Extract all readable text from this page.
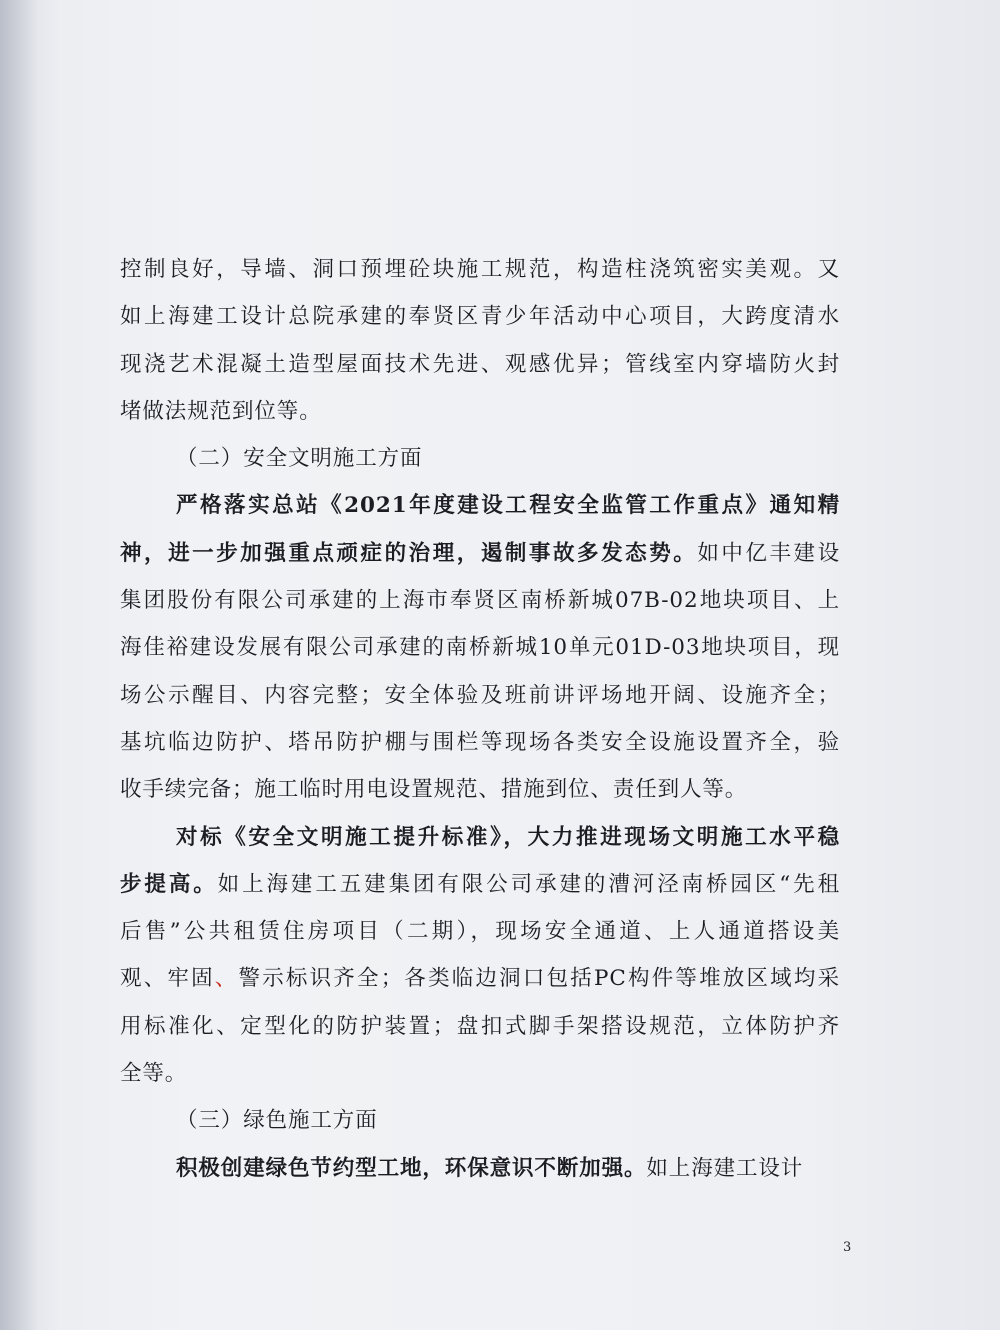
控制良好，导墙、洞口预埋砼块施工规范，构造柱浇筑密实美观。又
如上海建工设计总院承建的奉贤区青少年活动中心项目，大跨度清水
现浇艺术混凝土造型屋面技术先进、观感优异；管线室内穿墙防火封
堵做法规范到位等。
（二）安全文明施工方面
严格落实总站《2021年度建设工程安全监管工作重点》通知精
神，进一步加强重点顽症的治理，遏制事故多发态势。如中亿丰建设
集团股份有限公司承建的上海市奉贤区南桥新城07B-02地块项目、上
海佳裕建设发展有限公司承建的南桥新城10单元01D-03地块项目，现
场公示醒目、内容完整；安全体验及班前讲评场地开阔、设施齐全；
基坑临边防护、塔吊防护棚与围栏等现场各类安全设施设置齐全，验
收手续完备；施工临时用电设置规范、措施到位、责任到人等。
对标《安全文明施工提升标准》，大力推进现场文明施工水平稳
步提高。如上海建工五建集团有限公司承建的漕河泾南桥园区“先租
后售”公共租赁住房项目（二期），现场安全通道、上人通道搭设美
观、牢固、警示标识齐全；各类临边洞口包括PC构件等堆放区域均采
用标准化、定型化的防护装置；盘扣式脚手架搭设规范，立体防护齐
全等。
（三）绿色施工方面
积极创建绿色节约型工地，环保意识不断加强。如上海建工设计
3
